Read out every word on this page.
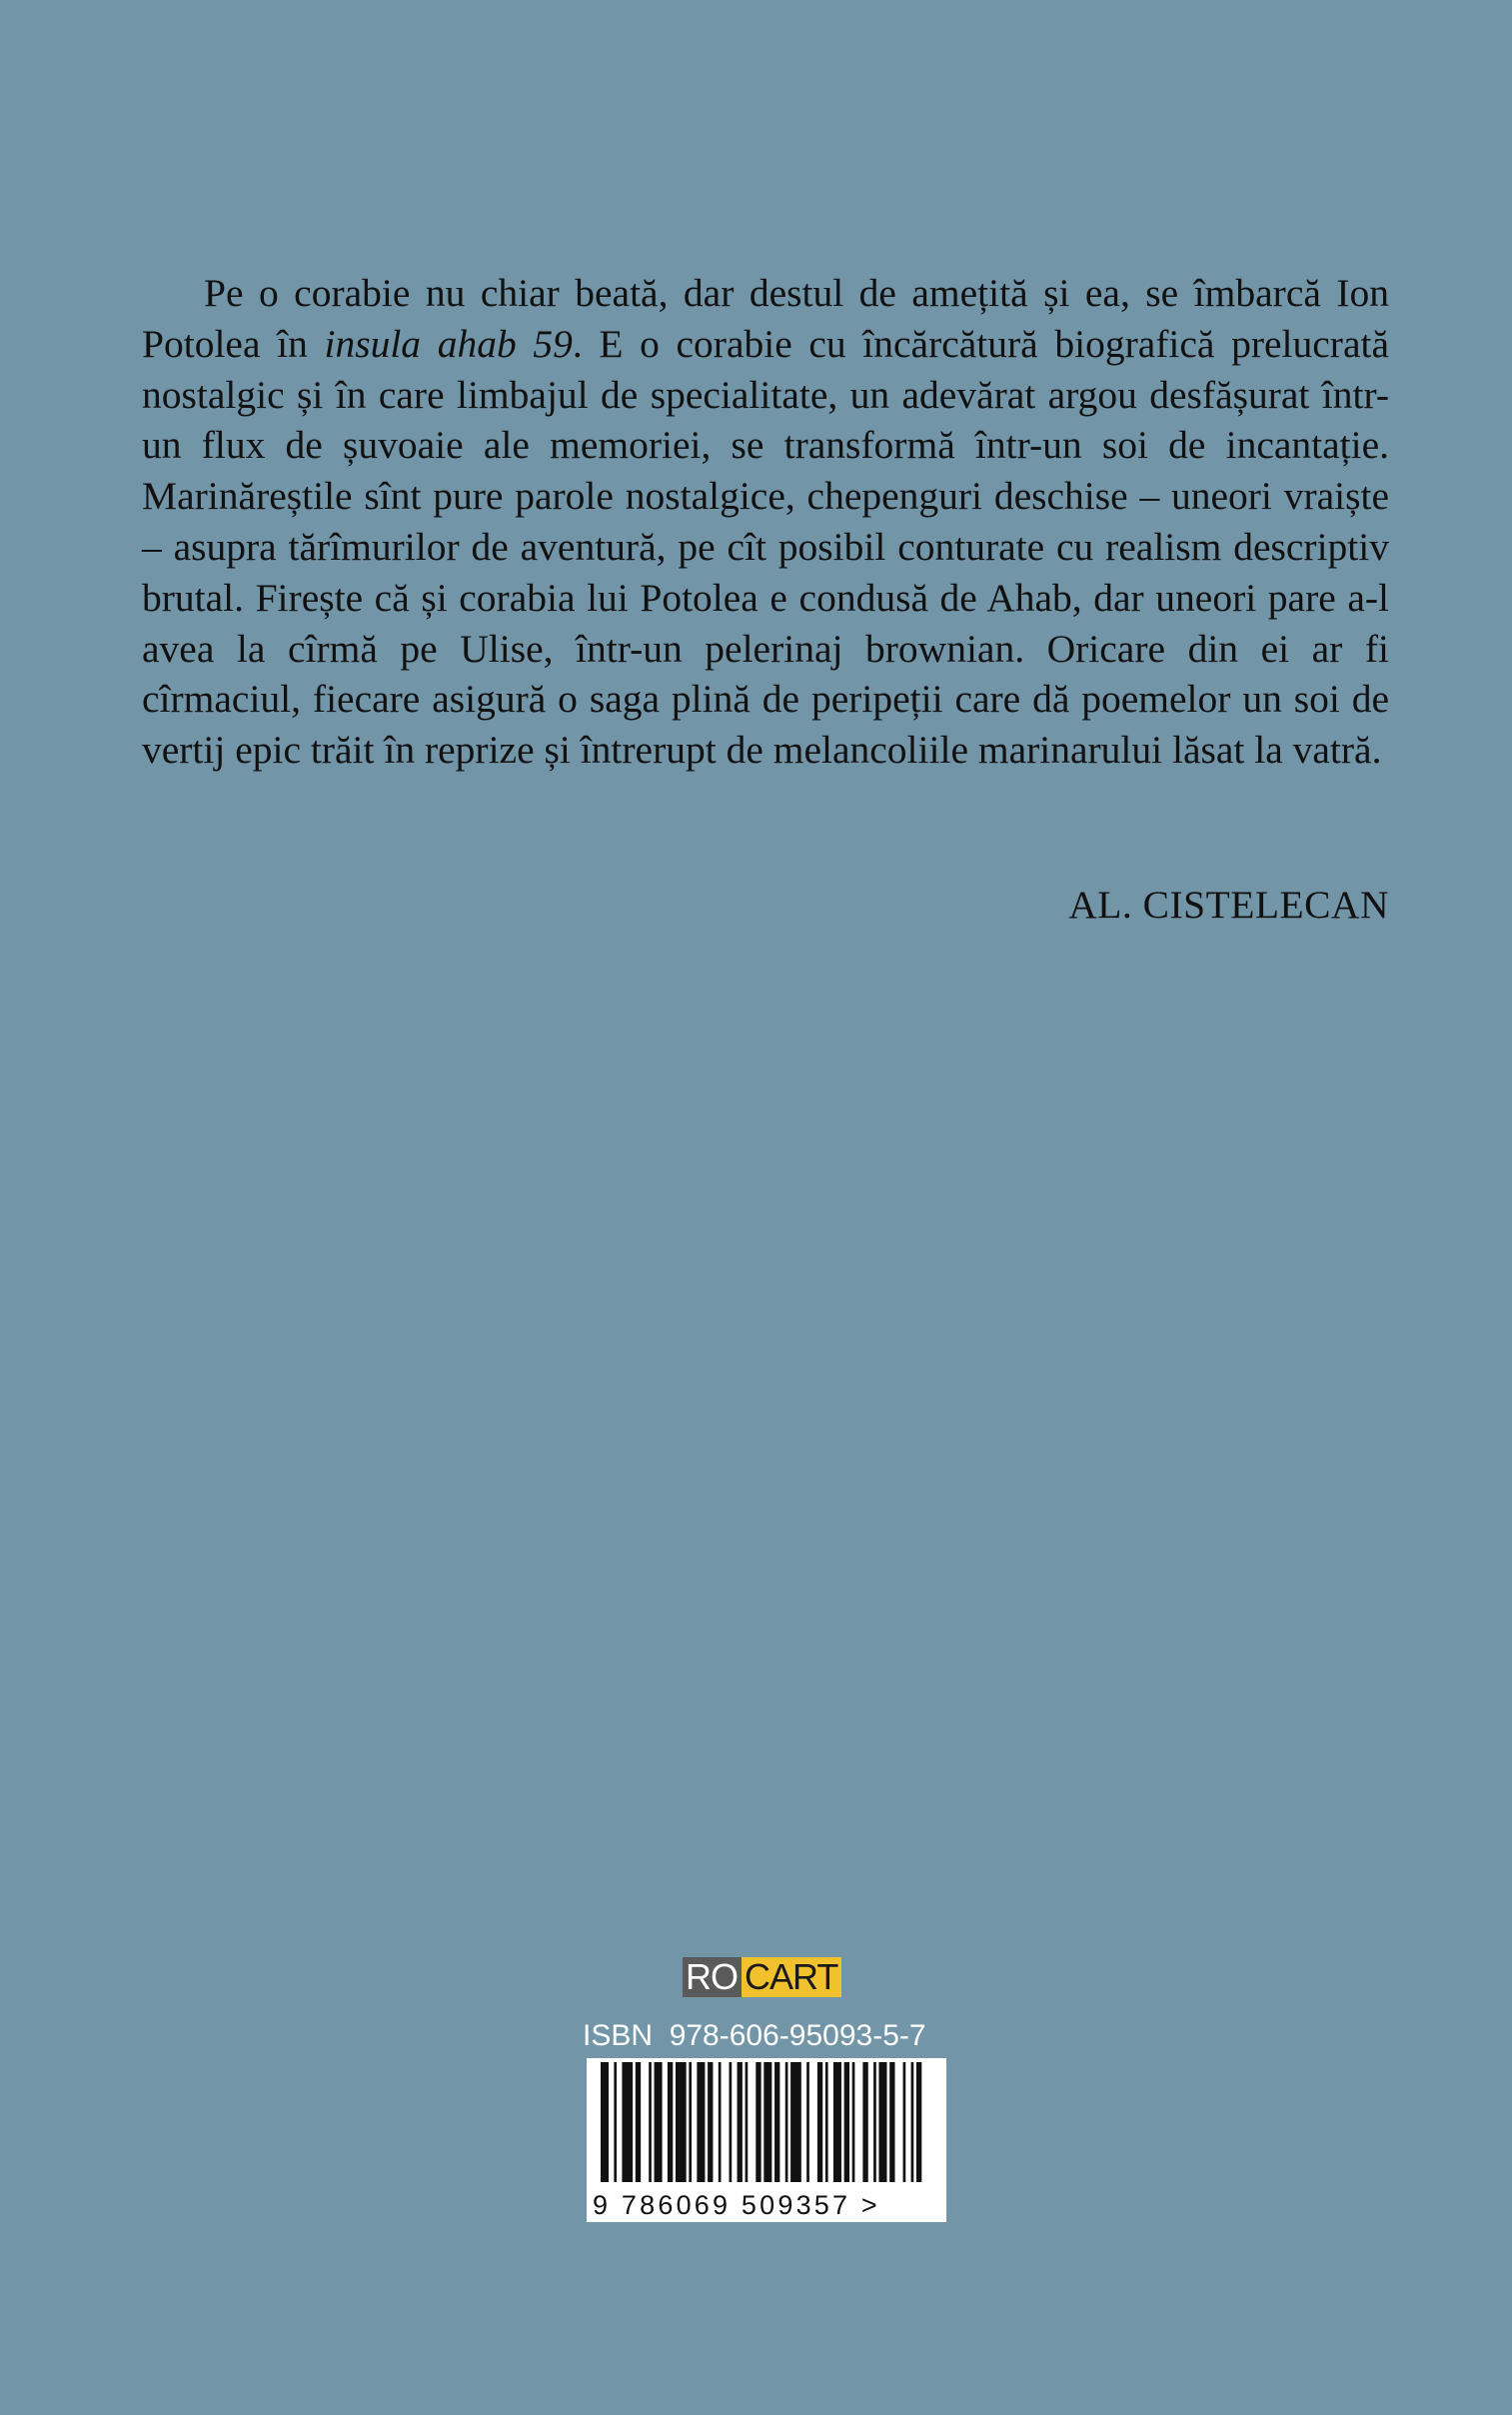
Pe o corabie nu chiar beată, dar destul de amețită și ea, se îmbarcă Ion Potolea în insula ahab 59. E o corabie cu încărcătură biografică prelucrată nostalgic și în care limbajul de specialitate, un adevărat argou desfășurat într-un flux de șuvoaie ale memoriei, se transformă într-un soi de incantație. Marinăreștile sînt pure parole nostalgice, chepenguri deschise – uneori vraiște – asupra tărîmurilor de aventură, pe cît posibil conturate cu realism descriptiv brutal. Firește că și corabia lui Potolea e condusă de Ahab, dar uneori pare a-l avea la cîrmă pe Ulise, într-un pelerinaj brownian. Oricare din ei ar fi cîrmaciul, fiecare asigură o saga plină de peripeții care dă poemelor un soi de vertij epic trăit în reprize și întrerupt de melancoliile marinarului lăsat la vatră.

AL. CISTELECAN

RO CART

ISBN  978-606-95093-5-7

9 786069 509357 >
